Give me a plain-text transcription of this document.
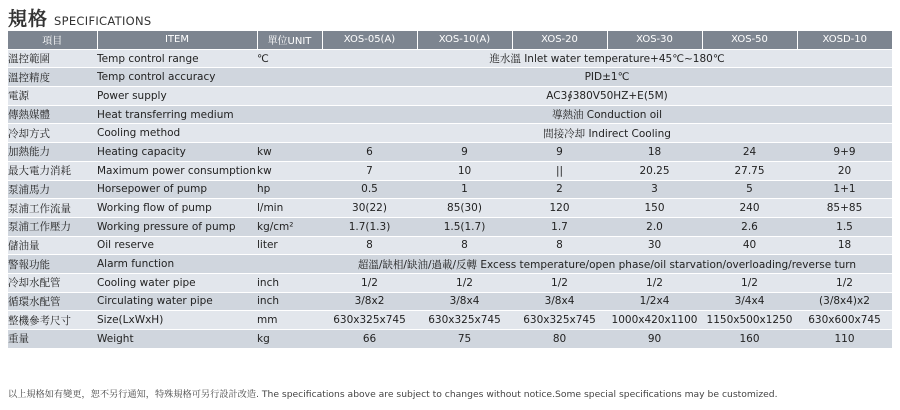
規格 SPECIFICATIONS
項目	ITEM	單位UNIT	XOS-05(A)	XOS-10(A)	XOS-20	XOS-30	XOS-50	XOSD-10
溫控範圍	Temp control range	℃	進水溫 Inlet water temperature+45℃~180℃					
溫控精度	Temp control accuracy		PID±1℃					
電源	Power supply		AC3∮380V50HZ+E(5M)					
傳熱媒體	Heat transferring medium		導熱油 Conduction oil					
冷却方式	Cooling method		間接冷却 Indirect Cooling					
加熱能力	Heating capacity	kw	6	9	9	18	24	9+9
最大電力消耗	Maximum power consumption	kw	7	10	||	20.25	27.75	20
泵浦馬力	Horsepower of pump	hp	0.5	1	2	3	5	1+1
泵浦工作流量	Working flow of pump	l/min	30(22)	85(30)	120	150	240	85+85
泵浦工作壓力	Working pressure of pump	kg/cm²	1.7(1.3)	1.5(1.7)	1.7	2.0	2.6	1.5
儲油量	Oil reserve	liter	8	8	8	30	40	18
警報功能	Alarm function		超溫/缺相/缺油/過載/反轉 Excess temperature/open phase/oil starvation/overloading/reverse turn					
冷却水配管	Cooling water pipe	inch	1/2	1/2	1/2	1/2	1/2	1/2
循環水配管	Circulating water pipe	inch	3/8x2	3/8x4	3/8x4	1/2x4	3/4x4	(3/8x4)x2
整機參考尺寸	Size(LxWxH)	mm	630x325x745	630x325x745	630x325x745	1000x420x1100	1150x500x1250	630x600x745
重量	Weight	kg	66	75	80	90	160	110
以上規格如有變更，恕不另行通知，特殊規格可另行設計改造. The specifications above are subject to changes without notice.Some special specifications may be customized.
